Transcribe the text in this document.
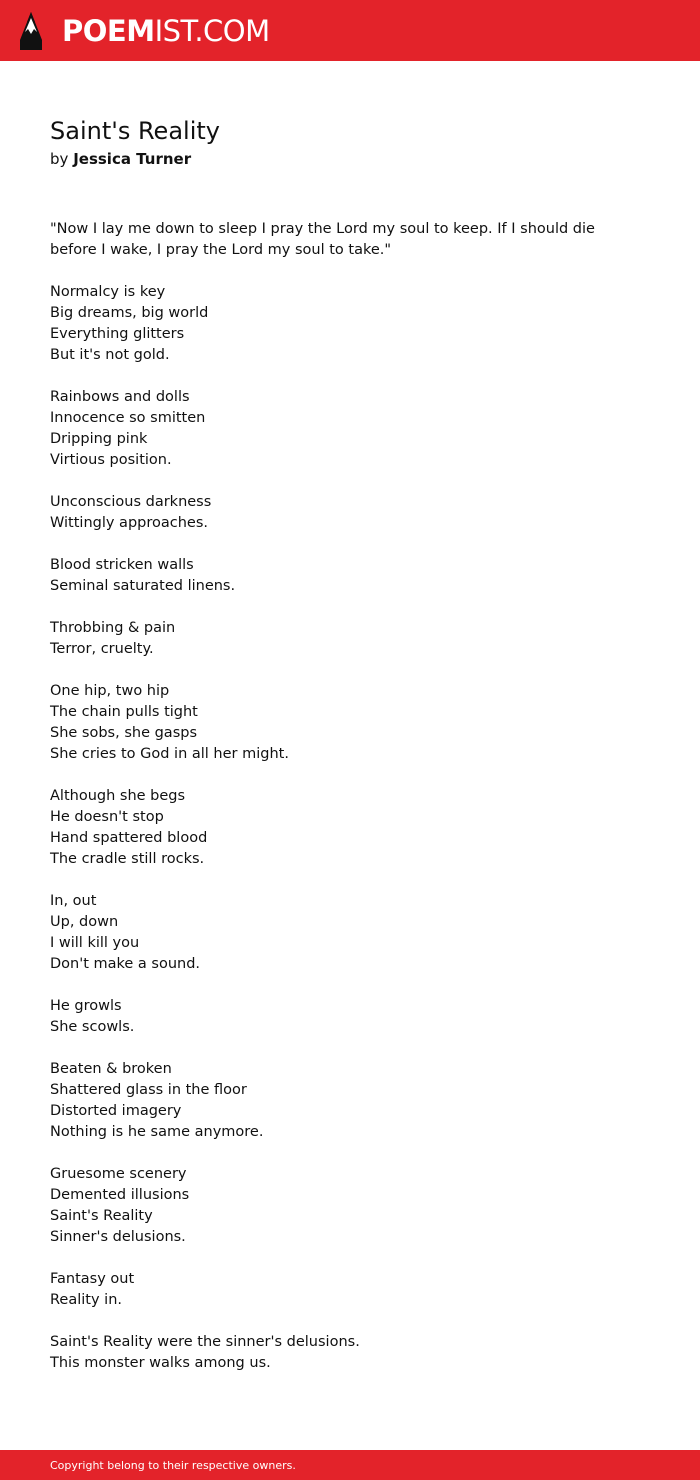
POEMIST.COM
Saint's Reality
by Jessica Turner

"Now I lay me down to sleep I pray the Lord my soul to keep. If I should die before I wake, I pray the Lord my soul to take."

Normalcy is key
Big dreams, big world
Everything glitters
But it's not gold.

Rainbows and dolls
Innocence so smitten
Dripping pink
Virtious position.

Unconscious darkness
Wittingly approaches.

Blood stricken walls
Seminal saturated linens.

Throbbing & pain
Terror, cruelty.

One hip, two hip
The chain pulls tight
She sobs, she gasps
She cries to God in all her might.

Although she begs
He doesn't stop
Hand spattered blood
The cradle still rocks.

In, out
Up, down
I will kill you
Don't make a sound.

He growls
She scowls.

Beaten & broken
Shattered glass in the floor
Distorted imagery
Nothing is he same anymore.

Gruesome scenery
Demented illusions
Saint's Reality
Sinner's delusions.

Fantasy out
Reality in.

Saint's Reality were the sinner's delusions.
This monster walks among us.

Copyright belong to their respective owners.
